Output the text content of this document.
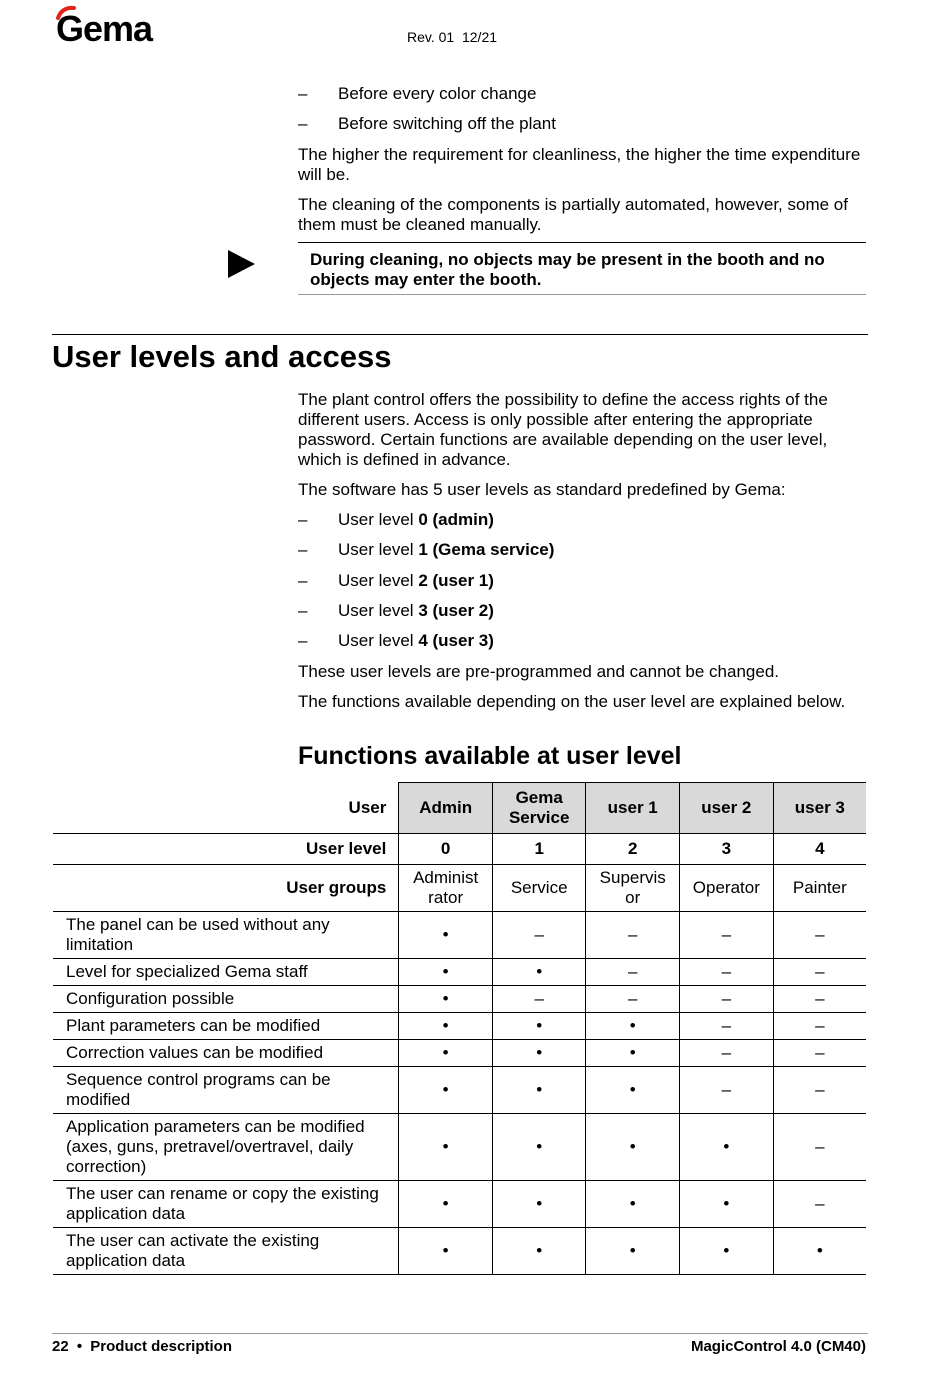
Gema	Rev. 01  12/21
– Before every color change
– Before switching off the plant
The higher the requirement for cleanliness, the higher the time expenditure will be.
The cleaning of the components is partially automated, however, some of them must be cleaned manually.
During cleaning, no objects may be present in the booth and no objects may enter the booth.
User levels and access
The plant control offers the possibility to define the access rights of the different users. Access is only possible after entering the appropriate password. Certain functions are available depending on the user level, which is defined in advance.
The software has 5 user levels as standard predefined by Gema:
– User level 0 (admin)
– User level 1 (Gema service)
– User level 2 (user 1)
– User level 3 (user 2)
– User level 4 (user 3)
These user levels are pre-programmed and cannot be changed.
The functions available depending on the user level are explained below.
Functions available at user level
User	Admin	Gema Service	user 1	user 2	user 3
User level	0	1	2	3	4
User groups	Administ rator	Service	Supervis or	Operator	Painter
The panel can be used without any limitation	•	–	–	–	–
Level for specialized Gema staff	•	•	–	–	–
Configuration possible	•	–	–	–	–
Plant parameters can be modified	•	•	•	–	–
Correction values can be modified	•	•	•	–	–
Sequence control programs can be modified	•	•	•	–	–
Application parameters can be modified (axes, guns, pretravel/overtravel, daily correction)	•	•	•	•	–
The user can rename or copy the existing application data	•	•	•	•	–
The user can activate the existing application data	•	•	•	•	•
22 • Product description	MagicControl 4.0 (CM40)
